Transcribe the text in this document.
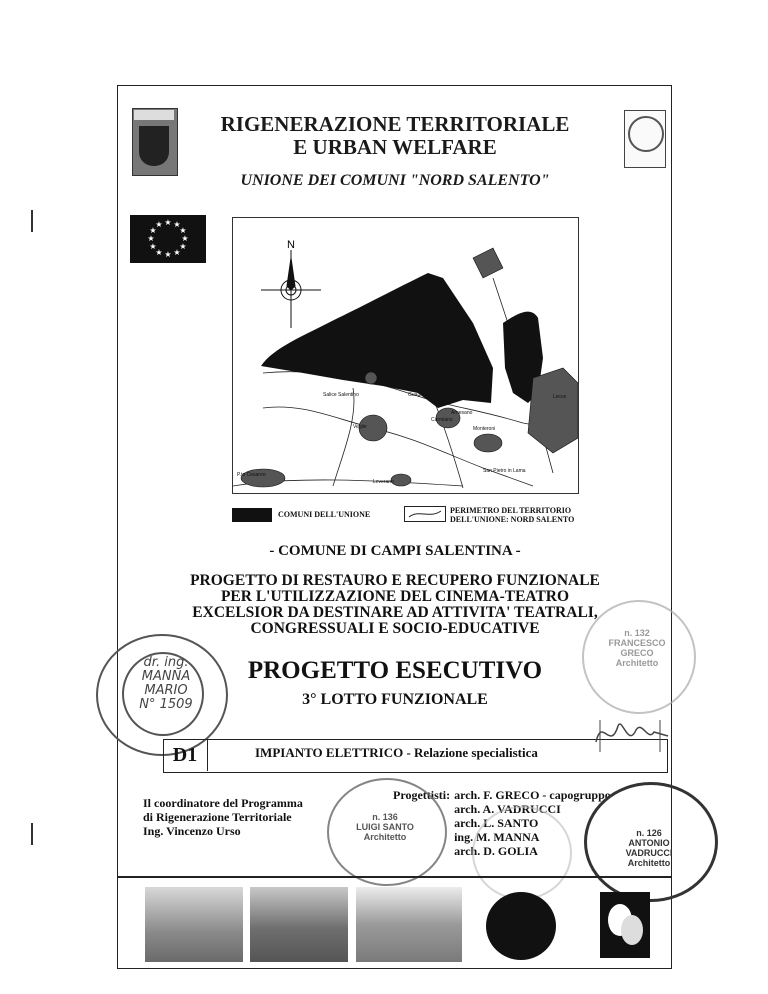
RIGENERAZIONE TERRITORIALE
E URBAN WELFARE
UNIONE DEI COMUNI "NORD SALENTO"
★ ★
★
★
★
★
★
★
★
★
★
★
N
Salice Salentino	Guagnano
Veglie
Carmiano
Arnesano
Monteroni
San Pietro in Lama
Leverano
P.to Cesareo
Lecce
COMUNI DELL'UNIONE	PERIMETRO DEL TERRITORIO
DELL'UNIONE: NORD SALENTO
- COMUNE DI CAMPI SALENTINA -
PROGETTO DI RESTAURO E RECUPERO FUNZIONALE
PER L'UTILIZZAZIONE DEL CINEMA-TEATRO
EXCELSIOR DA DESTINARE AD ATTIVITA' TEATRALI,
CONGRESSUALI E SOCIO-EDUCATIVE
PROGETTO ESECUTIVO
3° LOTTO FUNZIONALE
dr. ing.
MANNA
MARIO
N° 1509
n. 132
FRANCESCO GRECO
Architetto
D1	IMPIANTO ELETTRICO - Relazione specialistica
Il coordinatore del Programma
di Rigenerazione Territoriale
Ing. Vincenzo Urso
Progettisti: arch. F. GRECO - capogruppo
arch. A. VADRUCCI
arch. L. SANTO
ing. M. MANNA
arch. D. GOLIA
n. 136
LUIGI SANTO
Architetto	n. 126
ANTONIO VADRUCCI
Architetto
